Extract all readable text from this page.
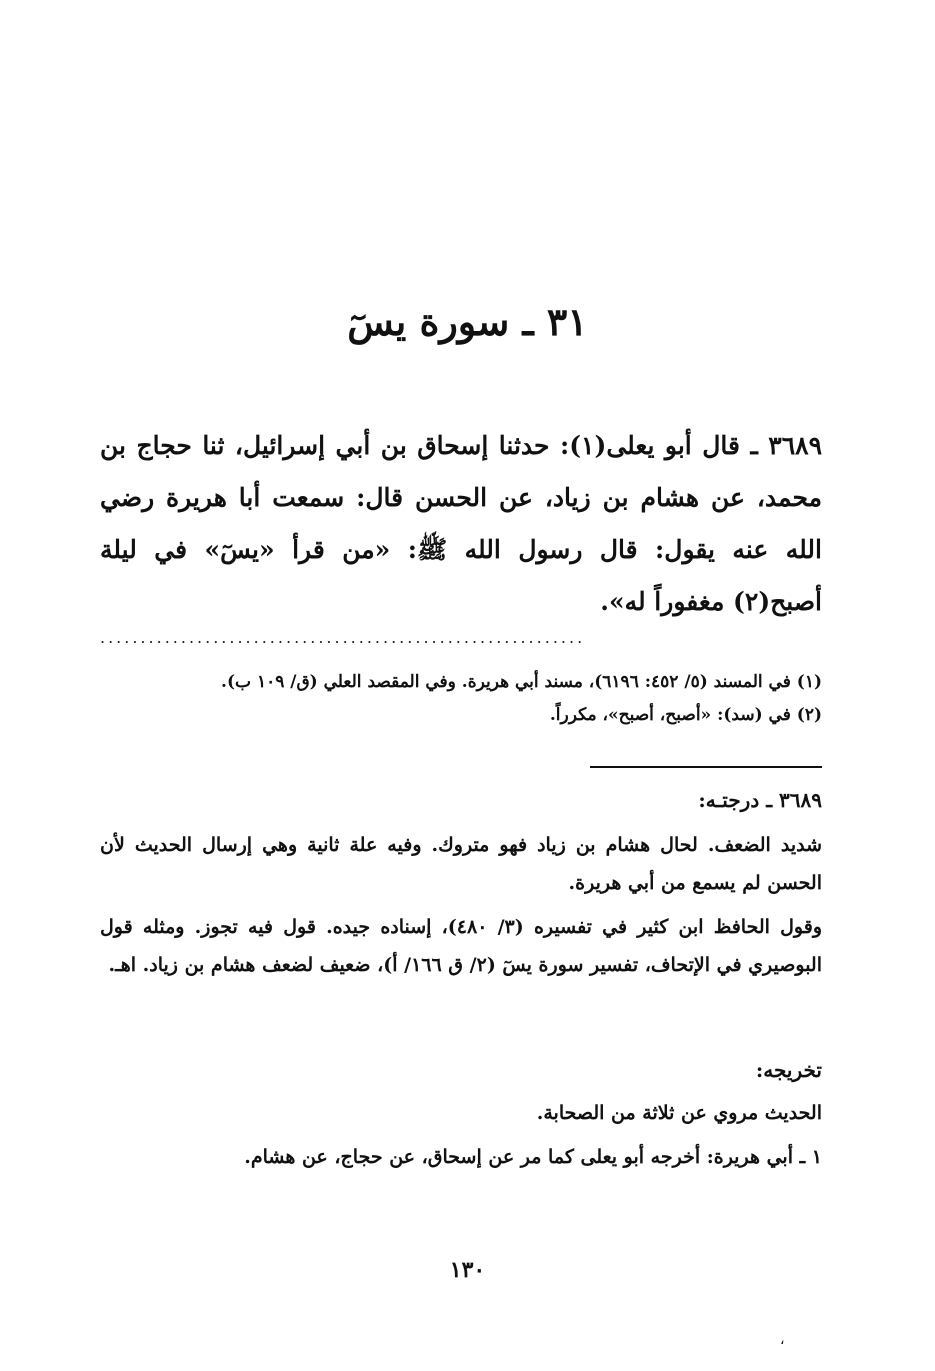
٣١ ـ سورة يسٓ
٣٦٨٩ ـ قال أبو يعلى(١): حدثنا إسحاق بن أبي إسرائيل، ثنا حجاج بن محمد، عن هشام بن زياد، عن الحسن قال: سمعت أبا هريرة رضي الله عنه يقول: قال رسول الله ﷺ: «من قرأ «يسٓ» في ليلة أصبح(٢) مغفوراً له».
............................................................
(١) في المسند (٥/ ٤٥٢: ٦١٩٦)، مسند أبي هريرة. وفي المقصد العلي (ق/ ١٠٩ ب).
(٢) في (سد): «أصبح، أصبح»، مكرراً.
٣٦٨٩ ـ درجتـه:
شديد الضعف. لحال هشام بن زياد فهو متروك. وفيه علة ثانية وهي إرسال الحديث لأن الحسن لم يسمع من أبي هريرة.
وقول الحافظ ابن كثير في تفسيره (٣/ ٤٨٠)، إسناده جيده. قول فيه تجوز. ومثله قول البوصيري في الإتحاف، تفسير سورة يسٓ (٢/ ق ١٦٦/ أ)، ضعيف لضعف هشام بن زياد. اهـ.
تخريجه:
الحديث مروي عن ثلاثة من الصحابة.
١ ـ أبي هريرة: أخرجه أبو يعلى كما مر عن إسحاق، عن حجاج، عن هشام.
١٣٠
،
